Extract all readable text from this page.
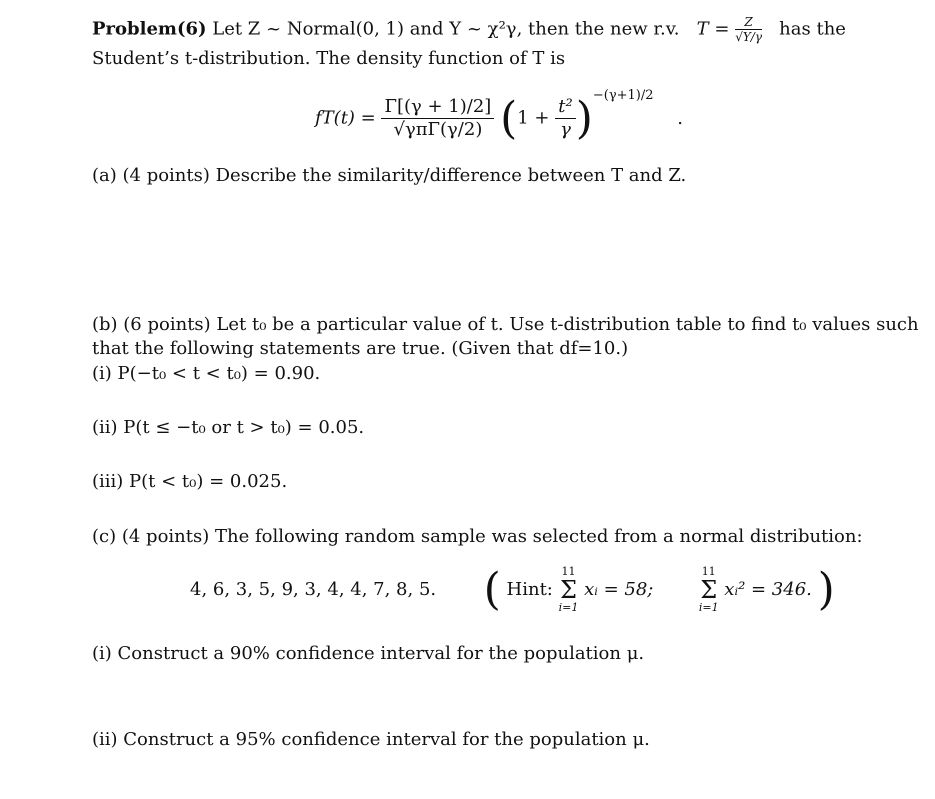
Problem(6) Let Z ~ Normal(0, 1) and Y ~ χ²γ, then the new r.v. $T = \frac{Z}{√Y/\gamma}$ has the
Student’s t-distribution. The density function of T is
$fT(t) = \frac{\Gamma[(\gamma + 1)/2]}{\text{√γπΓ(γ/2)}} (1 + \frac{\text{t²}}{\gamma} )^{-(\gamma+1)/2}$ .
(a) (4 points) Describe the similarity/difference between T and Z.
(b) (6 points) Let t₀ be a particular value of t. Use t-distribution table to find t₀ values such
that the following statements are true. (Given that df=10.)
(i) P(−t₀ < t < t₀) = 0.90.
(ii) P(t ≤ −t₀ or t > t₀) = 0.05.
(iii) P(t < t₀) = 0.025.
(c) (4 points) The following random sample was selected from a normal distribution:
4, 6, 3, 5, 9, 3, 4, 4, 7, 8, 5. ( Hint:
11
Σ
i=1
xᵢ = 58;
11
Σ
i=1
xᵢ² = 346. )
(i) Construct a 90% confidence interval for the population μ.
(ii) Construct a 95% confidence interval for the population μ.
